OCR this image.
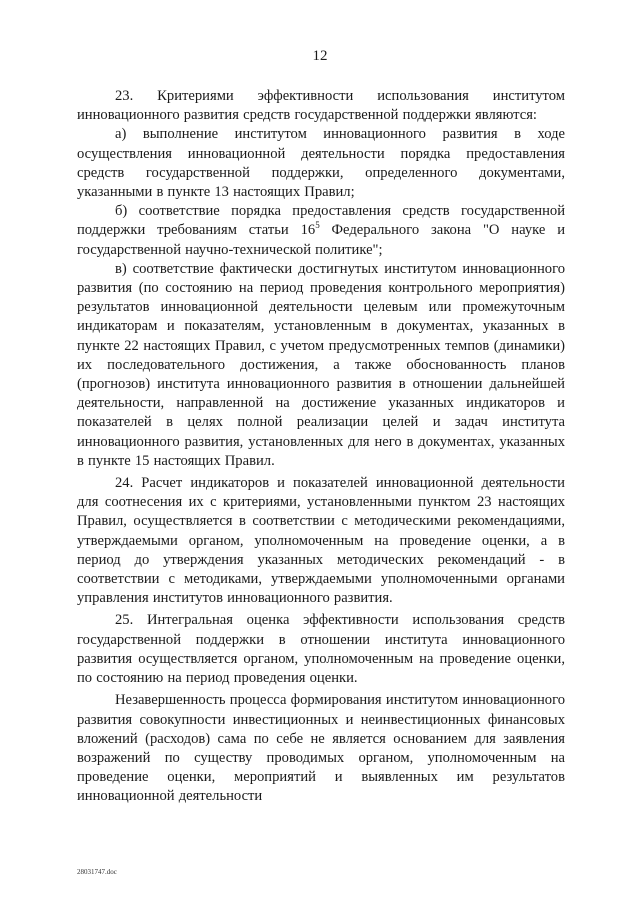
12

23. Критериями эффективности использования институтом инновационного развития средств государственной поддержки являются:

а) выполнение институтом инновационного развития в ходе осуществления инновационной деятельности порядка предоставления средств государственной поддержки, определенного документами, указанными в пункте 13 настоящих Правил;

б) соответствие порядка предоставления средств государственной поддержки требованиям статьи $16^5$ Федерального закона "О науке и государственной научно-технической политике";

в) соответствие фактически достигнутых институтом инновационного развития (по состоянию на период проведения контрольного мероприятия) результатов инновационной деятельности целевым или промежуточным индикаторам и показателям, установленным в документах, указанных в пункте 22 настоящих Правил, с учетом предусмотренных темпов (динамики) их последовательного достижения, а также обоснованность планов (прогнозов) института инновационного развития в отношении дальнейшей деятельности, направленной на достижение указанных индикаторов и показателей в целях полной реализации целей и задач института инновационного развития, установленных для него в документах, указанных в пункте 15 настоящих Правил.

24. Расчет индикаторов и показателей инновационной деятельности для соотнесения их с критериями, установленными пунктом 23 настоящих Правил, осуществляется в соответствии с методическими рекомендациями, утверждаемыми органом, уполномоченным на проведение оценки, а в период до утверждения указанных методических рекомендаций - в соответствии с методиками, утверждаемыми уполномоченными органами управления институтов инновационного развития.

25. Интегральная оценка эффективности использования средств государственной поддержки в отношении института инновационного развития осуществляется органом, уполномоченным на проведение оценки, по состоянию на период проведения оценки.

Незавершенность процесса формирования институтом инновационного развития совокупности инвестиционных и неинвестиционных финансовых вложений (расходов) сама по себе не является основанием для заявления возражений по существу проводимых органом, уполномоченным на проведение оценки, мероприятий и выявленных им результатов инновационной деятельности

28031747.doc
